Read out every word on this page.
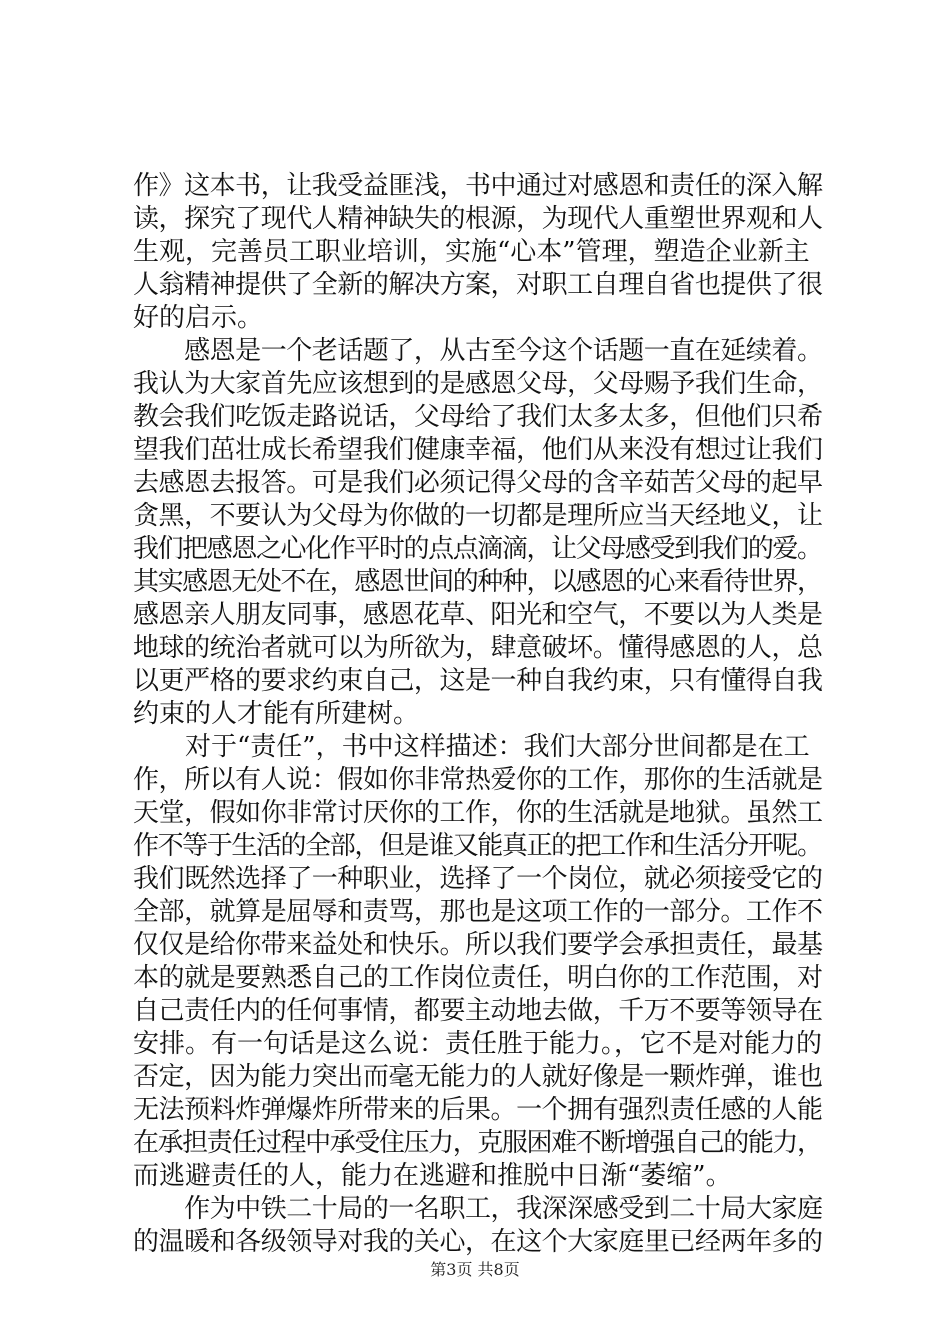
作》这本书，让我受益匪浅，书中通过对感恩和责任的深入解
读，探究了现代人精神缺失的根源，为现代人重塑世界观和人
生观，完善员工职业培训，实施“心本”管理，塑造企业新主
人翁精神提供了全新的解决方案，对职工自理自省也提供了很
好的启示。
　　感恩是一个老话题了，从古至今这个话题一直在延续着。
我认为大家首先应该想到的是感恩父母，父母赐予我们生命，
教会我们吃饭走路说话，父母给了我们太多太多，但他们只希
望我们茁壮成长希望我们健康幸福，他们从来没有想过让我们
去感恩去报答。可是我们必须记得父母的含辛茹苦父母的起早
贪黑，不要认为父母为你做的一切都是理所应当天经地义，让
我们把感恩之心化作平时的点点滴滴，让父母感受到我们的爱。
其实感恩无处不在，感恩世间的种种，以感恩的心来看待世界，
感恩亲人朋友同事，感恩花草、阳光和空气，不要以为人类是
地球的统治者就可以为所欲为，肆意破坏。懂得感恩的人，总
以更严格的要求约束自己，这是一种自我约束，只有懂得自我
约束的人才能有所建树。
　　对于“责任”，书中这样描述：我们大部分世间都是在工
作，所以有人说：假如你非常热爱你的工作，那你的生活就是
天堂，假如你非常讨厌你的工作，你的生活就是地狱。虽然工
作不等于生活的全部，但是谁又能真正的把工作和生活分开呢。
我们既然选择了一种职业，选择了一个岗位，就必须接受它的
全部，就算是屈辱和责骂，那也是这项工作的一部分。工作不
仅仅是给你带来益处和快乐。所以我们要学会承担责任，最基
本的就是要熟悉自己的工作岗位责任，明白你的工作范围，对
自己责任内的任何事情，都要主动地去做，千万不要等领导在
安排。有一句话是这么说：责任胜于能力。，它不是对能力的
否定，因为能力突出而毫无能力的人就好像是一颗炸弹，谁也
无法预料炸弹爆炸所带来的后果。一个拥有强烈责任感的人能
在承担责任过程中承受住压力，克服困难不断增强自己的能力，
而逃避责任的人，能力在逃避和推脱中日渐“萎缩”。
　　作为中铁二十局的一名职工，我深深感受到二十局大家庭
的温暖和各级领导对我的关心，在这个大家庭里已经两年多的
第3页 共8页
